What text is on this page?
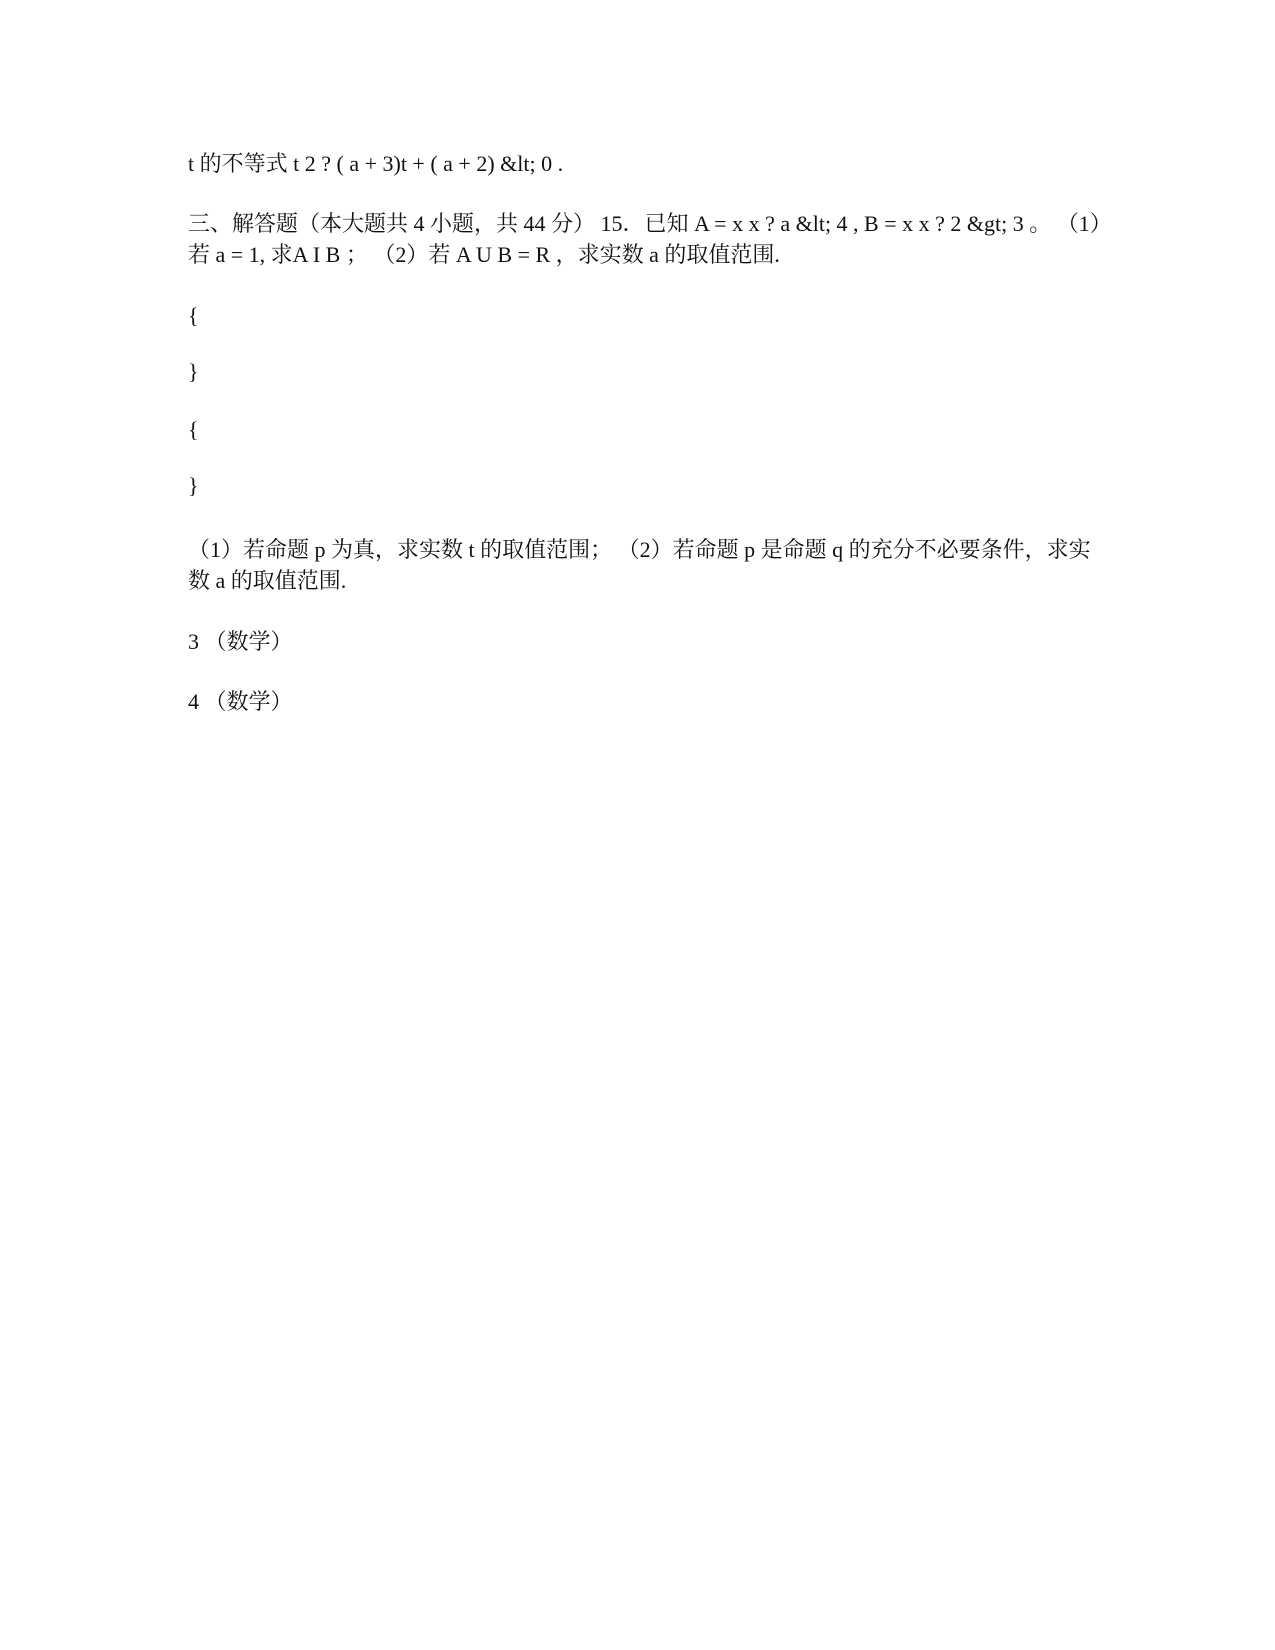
t 的不等式 t 2 ? ( a + 3)t + ( a + 2) &lt; 0 .

三、解答题（本大题共 4 小题，共 44 分） 15．已知 A = x x ? a &lt; 4 , B = x x ? 2 &gt; 3 。 （1）若 a = 1, 求A I B ； （2）若 A U B = R ，求实数 a 的取值范围.

{

}

{

}

（1）若命题 p 为真，求实数 t 的取值范围； （2）若命题 p 是命题 q 的充分不必要条件，求实数 a 的取值范围.

3 （数学）

4 （数学）
